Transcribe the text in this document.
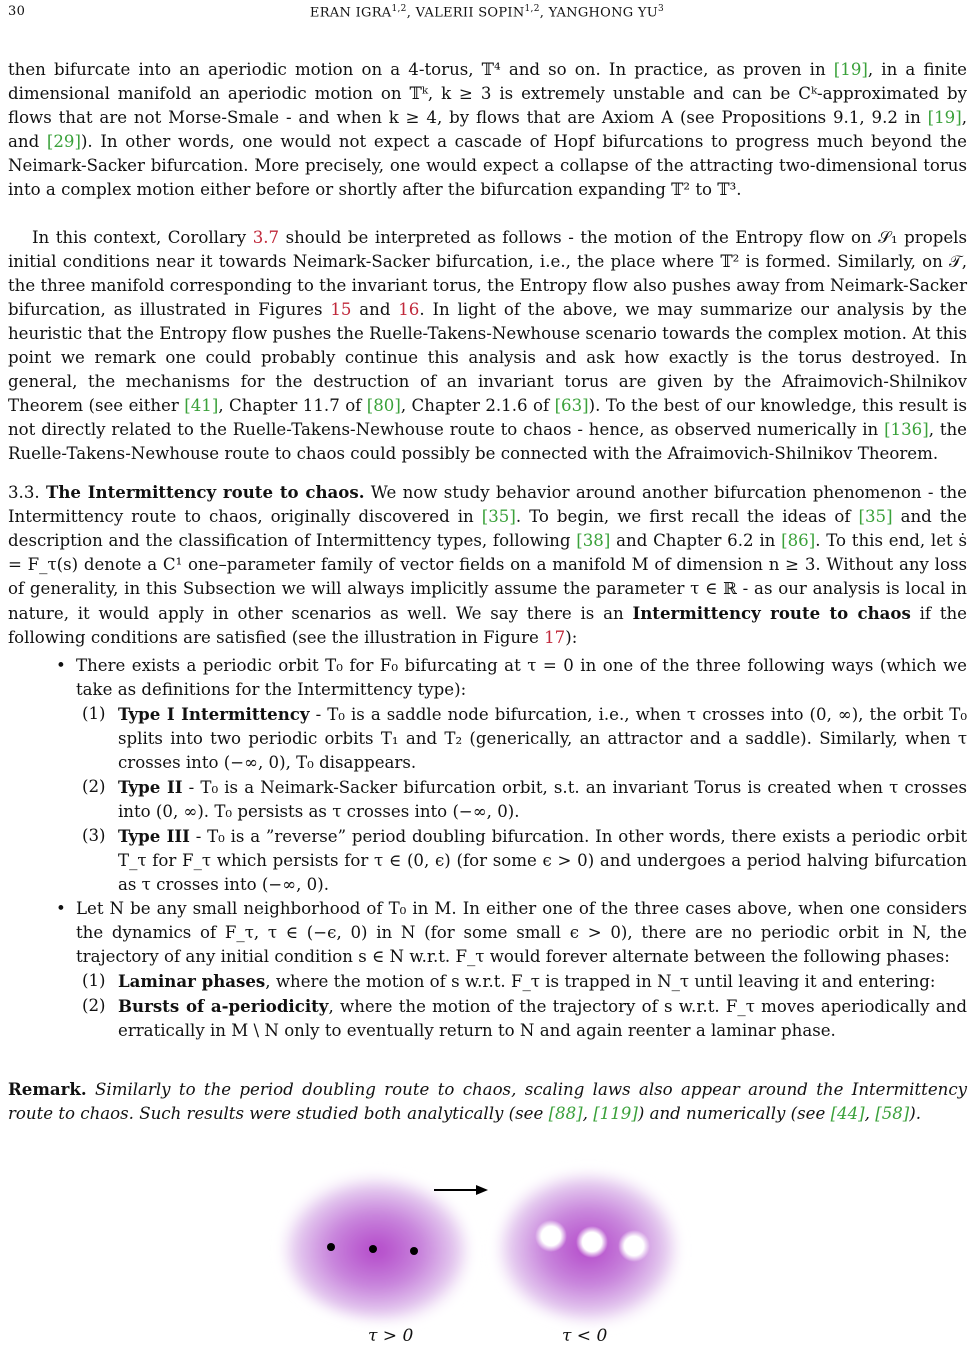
30	ERAN IGRA$^{1,2}$, VALERII SOPIN$^{1,2}$, YANGHONG $YU^3$

then bifurcate into an aperiodic motion on a 4-torus, 𝕋⁴ and so on. In practice, as proven in [19], in a finite dimensional manifold an aperiodic motion on 𝕋ᵏ, k ≥ 3 is extremely unstable and can be Cᵏ-approximated by flows that are not Morse-Smale - and when k ≥ 4, by flows that are Axiom A (see Propositions 9.1, 9.2 in [19], and [29]). In other words, one would not expect a cascade of Hopf bifurcations to progress much beyond the Neimark-Sacker bifurcation. More precisely, one would expect a collapse of the attracting two-dimensional torus into a complex motion either before or shortly after the bifurcation expanding 𝕋² to 𝕋³.

In this context, Corollary 3.7 should be interpreted as follows - the motion of the Entropy flow on 𝒮₁ propels initial conditions near it towards Neimark-Sacker bifurcation, i.e., the place where 𝕋² is formed. Similarly, on 𝒯, the three manifold corresponding to the invariant torus, the Entropy flow also pushes away from Neimark-Sacker bifurcation, as illustrated in Figures 15 and 16. In light of the above, we may summarize our analysis by the heuristic that the Entropy flow pushes the Ruelle-Takens-Newhouse scenario towards the complex motion. At this point we remark one could probably continue this analysis and ask how exactly is the torus destroyed. In general, the mechanisms for the destruction of an invariant torus are given by the Afraimovich-Shilnikov Theorem (see either [41], Chapter 11.7 of [80], Chapter 2.1.6 of [63]). To the best of our knowledge, this result is not directly related to the Ruelle-Takens-Newhouse route to chaos - hence, as observed numerically in [136], the Ruelle-Takens-Newhouse route to chaos could possibly be connected with the Afraimovich-Shilnikov Theorem.

3.3. The Intermittency route to chaos. We now study behavior around another bifurcation phenomenon - the Intermittency route to chaos, originally discovered in [35]. To begin, we first recall the ideas of [35] and the description and the classification of Intermittency types, following [38] and Chapter 6.2 in [86]. To this end, let ṡ = F_τ(s) denote a C¹ one–parameter family of vector fields on a manifold M of dimension n ≥ 3. Without any loss of generality, in this Subsection we will always implicitly assume the parameter τ ∈ ℝ - as our analysis is local in nature, it would apply in other scenarios as well. We say there is an Intermittency route to chaos if the following conditions are satisfied (see the illustration in Figure 17):

• There exists a periodic orbit T₀ for F₀ bifurcating at τ = 0 in one of the three following ways (which we take as definitions for the Intermittency type):
(1) Type I Intermittency - T₀ is a saddle node bifurcation, i.e., when τ crosses into (0, ∞), the orbit T₀ splits into two periodic orbits T₁ and T₂ (generically, an attractor and a saddle). Similarly, when τ crosses into (−∞, 0), T₀ disappears.
(2) Type II - T₀ is a Neimark-Sacker bifurcation orbit, s.t. an invariant Torus is created when τ crosses into (0, ∞). T₀ persists as τ crosses into (−∞, 0).
(3) Type III - T₀ is a ”reverse” period doubling bifurcation. In other words, there exists a periodic orbit T_τ for F_τ which persists for τ ∈ (0, ϵ) (for some ϵ > 0) and undergoes a period halving bifurcation as τ crosses into (−∞, 0).
• Let N be any small neighborhood of T₀ in M. In either one of the three cases above, when one considers the dynamics of F_τ, τ ∈ (−ϵ, 0) in N (for some small ϵ > 0), there are no periodic orbit in N, the trajectory of any initial condition s ∈ N w.r.t. F_τ would forever alternate between the following phases:
(1) Laminar phases, where the motion of s w.r.t. F_τ is trapped in N_τ until leaving it and entering:
(2) Bursts of a-periodicity, where the motion of the trajectory of s w.r.t. F_τ moves aperiodically and erratically in M \ N only to eventually return to N and again reenter a laminar phase.

Remark. Similarly to the period doubling route to chaos, scaling laws also appear around the Intermittency route to chaos. Such results were studied both analytically (see [88], [119]) and numerically (see [44], [58]).

τ > 0	τ < 0
